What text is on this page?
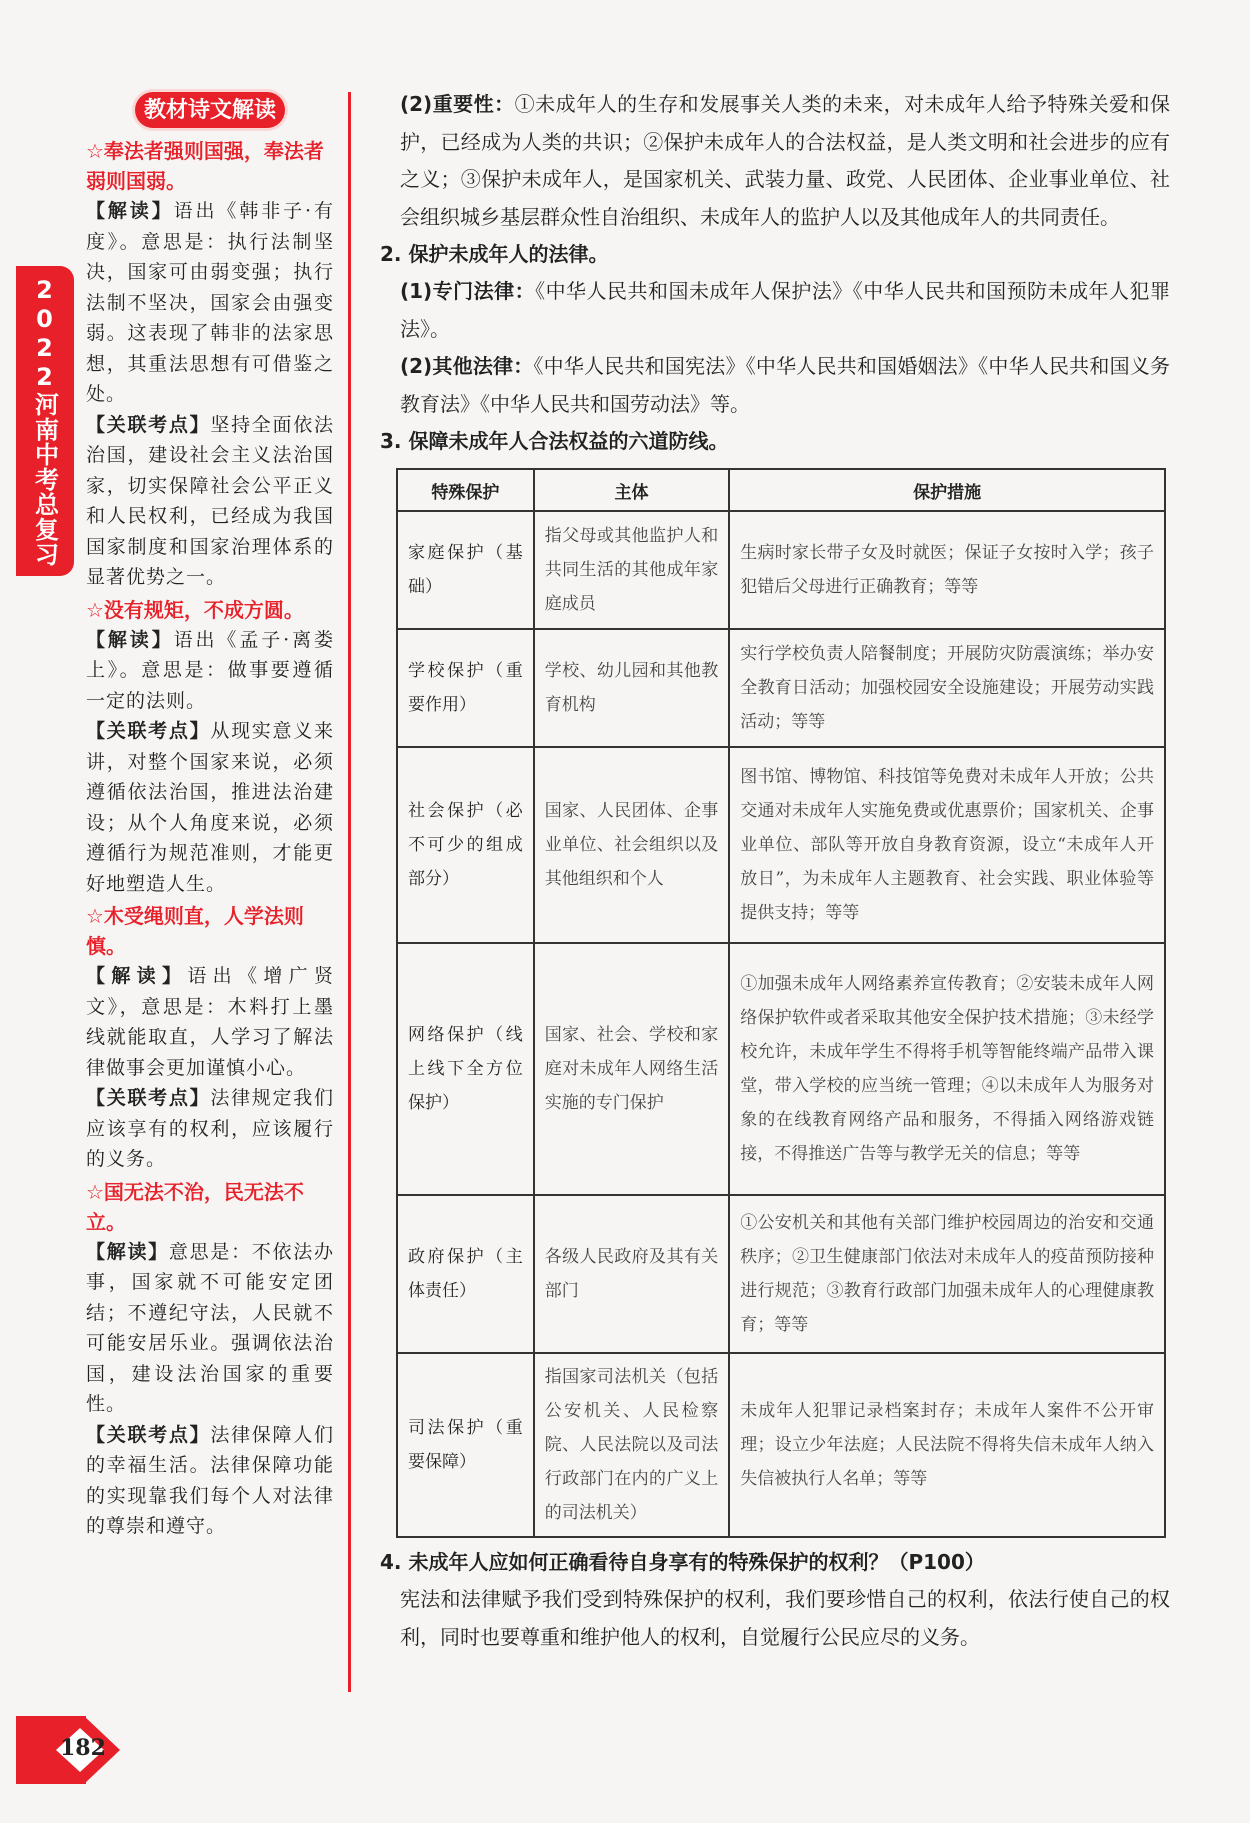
2022河南中考总复习
教材诗文解读
☆奉法者强则国强，奉法者弱则国弱。
【解读】语出《韩非子·有度》。意思是：执行法制坚决，国家可由弱变强；执行法制不坚决，国家会由强变弱。这表现了韩非的法家思想，其重法思想有可借鉴之处。
【关联考点】坚持全面依法治国，建设社会主义法治国家，切实保障社会公平正义和人民权利，已经成为我国国家制度和国家治理体系的显著优势之一。
☆没有规矩，不成方圆。
【解读】语出《孟子·离娄上》。意思是：做事要遵循一定的法则。
【关联考点】从现实意义来讲，对整个国家来说，必须遵循依法治国，推进法治建设；从个人角度来说，必须遵循行为规范准则，才能更好地塑造人生。
☆木受绳则直，人学法则慎。
【解读】语出《增广贤文》，意思是：木料打上墨线就能取直，人学习了解法律做事会更加谨慎小心。
【关联考点】法律规定我们应该享有的权利，应该履行的义务。
☆国无法不治，民无法不立。
【解读】意思是：不依法办事，国家就不可能安定团结；不遵纪守法，人民就不可能安居乐业。强调依法治国，建设法治国家的重要性。
【关联考点】法律保障人们的幸福生活。法律保障功能的实现靠我们每个人对法律的尊崇和遵守。
(2)重要性：①未成年人的生存和发展事关人类的未来，对未成年人给予特殊关爱和保护，已经成为人类的共识；②保护未成年人的合法权益，是人类文明和社会进步的应有之义；③保护未成年人，是国家机关、武装力量、政党、人民团体、企业事业单位、社会组织城乡基层群众性自治组织、未成年人的监护人以及其他成年人的共同责任。
2. 保护未成年人的法律。
(1)专门法律：《中华人民共和国未成年人保护法》《中华人民共和国预防未成年人犯罪法》。
(2)其他法律：《中华人民共和国宪法》《中华人民共和国婚姻法》《中华人民共和国义务教育法》《中华人民共和国劳动法》等。
3. 保障未成年人合法权益的六道防线。
特殊保护	主体	保护措施
家庭保护（基础）	指父母或其他监护人和共同生活的其他成年家庭成员	生病时家长带子女及时就医；保证子女按时入学；孩子犯错后父母进行正确教育；等等
学校保护（重要作用）	学校、幼儿园和其他教育机构	实行学校负责人陪餐制度；开展防灾防震演练；举办安全教育日活动；加强校园安全设施建设；开展劳动实践活动；等等
社会保护（必不可少的组成部分）	国家、人民团体、企事业单位、社会组织以及其他组织和个人	图书馆、博物馆、科技馆等免费对未成年人开放；公共交通对未成年人实施免费或优惠票价；国家机关、企事业单位、部队等开放自身教育资源，设立“未成年人开放日”，为未成年人主题教育、社会实践、职业体验等提供支持；等等
网络保护（线上线下全方位保护）	国家、社会、学校和家庭对未成年人网络生活实施的专门保护	①加强未成年人网络素养宣传教育；②安装未成年人网络保护软件或者采取其他安全保护技术措施；③未经学校允许，未成年学生不得将手机等智能终端产品带入课堂，带入学校的应当统一管理；④以未成年人为服务对象的在线教育网络产品和服务，不得插入网络游戏链接，不得推送广告等与教学无关的信息；等等
政府保护（主体责任）	各级人民政府及其有关部门	①公安机关和其他有关部门维护校园周边的治安和交通秩序；②卫生健康部门依法对未成年人的疫苗预防接种进行规范；③教育行政部门加强未成年人的心理健康教育；等等
司法保护（重要保障）	指国家司法机关（包括公安机关、人民检察院、人民法院以及司法行政部门在内的广义上的司法机关）	未成年人犯罪记录档案封存；未成年人案件不公开审理；设立少年法庭；人民法院不得将失信未成年人纳入失信被执行人名单；等等
4. 未成年人应如何正确看待自身享有的特殊保护的权利？（P100）
宪法和法律赋予我们受到特殊保护的权利，我们要珍惜自己的权利，依法行使自己的权利，同时也要尊重和维护他人的权利，自觉履行公民应尽的义务。
182
